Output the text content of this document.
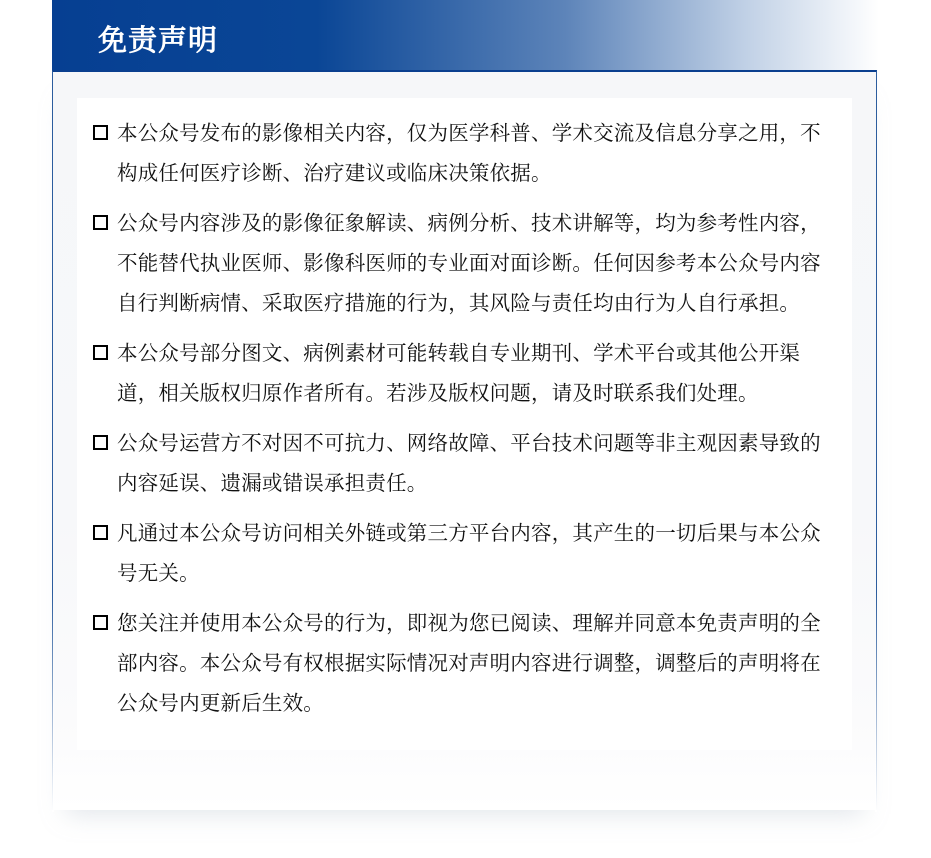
免责声明
本公众号发布的影像相关内容，仅为医学科普、学术交流及信息分享之用，不构成任何医疗诊断、治疗建议或临床决策依据。
公众号内容涉及的影像征象解读、病例分析、技术讲解等，均为参考性内容，不能替代执业医师、影像科医师的专业面对面诊断。任何因参考本公众号内容自行判断病情、采取医疗措施的行为，其风险与责任均由行为人自行承担。
本公众号部分图文、病例素材可能转载自专业期刊、学术平台或其他公开渠道，相关版权归原作者所有。若涉及版权问题，请及时联系我们处理。
公众号运营方不对因不可抗力、网络故障、平台技术问题等非主观因素导致的内容延误、遗漏或错误承担责任。
凡通过本公众号访问相关外链或第三方平台内容，其产生的一切后果与本公众号无关。
您关注并使用本公众号的行为，即视为您已阅读、理解并同意本免责声明的全部内容。本公众号有权根据实际情况对声明内容进行调整，调整后的声明将在公众号内更新后生效。
